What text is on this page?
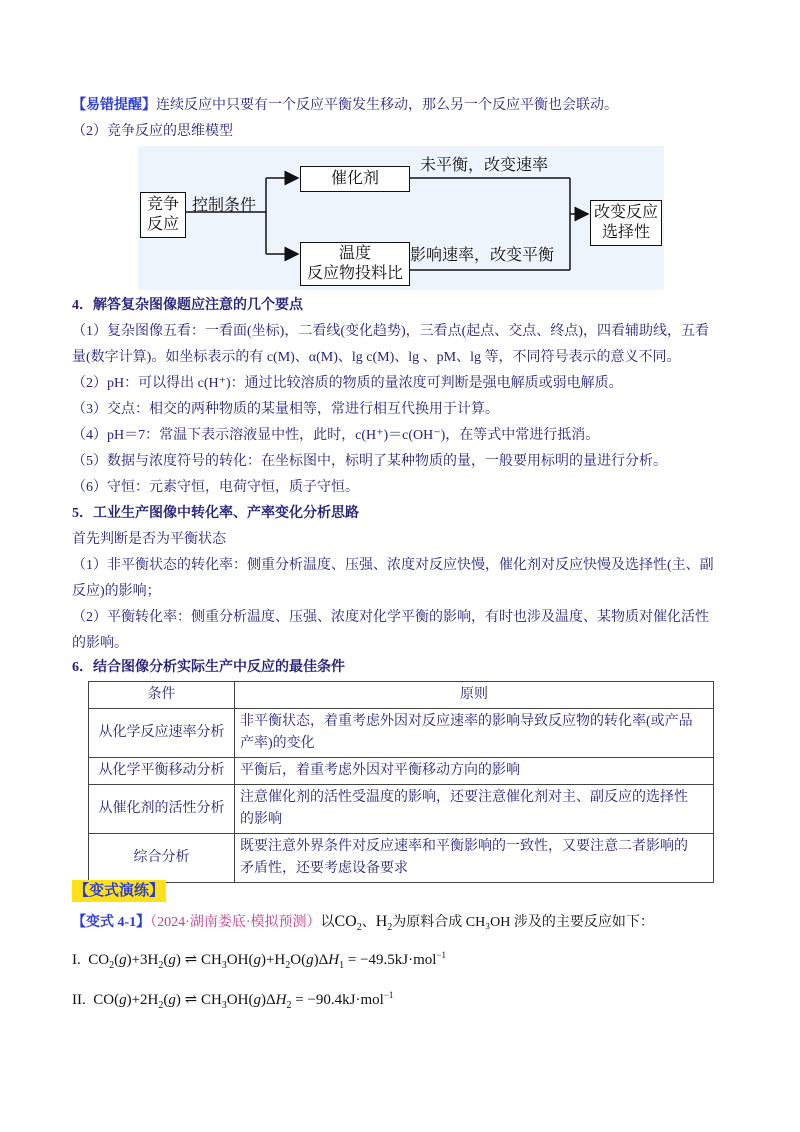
【易错提醒】连续反应中只要有一个反应平衡发生移动，那么另一个反应平衡也会联动。
（2）竞争反应的思维模型
竞争反应
控制条件
催化剂
未平衡，改变速率
温度
反应物投料比
影响速率，改变平衡
改变反应选择性
4．解答复杂图像题应注意的几个要点
（1）复杂图像五看：一看面(坐标)，二看线(变化趋势)，三看点(起点、交点、终点)，四看辅助线，五看
量(数字计算)。如坐标表示的有 c(M)、α(M)、lg c(M)、lg 、pM、lg 等，不同符号表示的意义不同。
（2）pH：可以得出 c(H⁺)：通过比较溶质的物质的量浓度可判断是强电解质或弱电解质。
（3）交点：相交的两种物质的某量相等，常进行相互代换用于计算。
（4）pH＝7：常温下表示溶液显中性，此时，c(H⁺)＝c(OH⁻)，在等式中常进行抵消。
（5）数据与浓度符号的转化：在坐标图中，标明了某种物质的量，一般要用标明的量进行分析。
（6）守恒：元素守恒，电荷守恒，质子守恒。
5．工业生产图像中转化率、产率变化分析思路
首先判断是否为平衡状态
（1）非平衡状态的转化率：侧重分析温度、压强、浓度对反应快慢，催化剂对反应快慢及选择性(主、副
反应)的影响；
（2）平衡转化率：侧重分析温度、压强、浓度对化学平衡的影响，有时也涉及温度、某物质对催化活性
的影响。
6．结合图像分析实际生产中反应的最佳条件
条件	原则
从化学反应速率分析	非平衡状态，着重考虑外因对反应速率的影响导致反应物的转化率(或产品
产率)的变化

从化学平衡移动分析	平衡后，着重考虑外因对平衡移动方向的影响

从催化剂的活性分析	注意催化剂的活性受温度的影响，还要注意催化剂对主、副反应的选择性
的影响

综合分析	既要注意外界条件对反应速率和平衡影响的一致性，又要注意二者影响的
矛盾性，还要考虑设备要求
【变式演练】
【变式 4-1】（2024·湖南娄底·模拟预测）以$CO_2$、$H_2$为原料合成 CH₃OH 涉及的主要反应如下：
I.  $CO_2(g)+3H_2(g)$ ⇌ $CH_3OH(g)+H_2O(g)\Delta H_1 = -49.5kJ\cdot mol^{-1}$
II.  $CO(g)+2H_2(g)$ ⇌ $CH_3OH(g)\Delta H_2 = -90.4kJ\cdot mol^{-1}$
